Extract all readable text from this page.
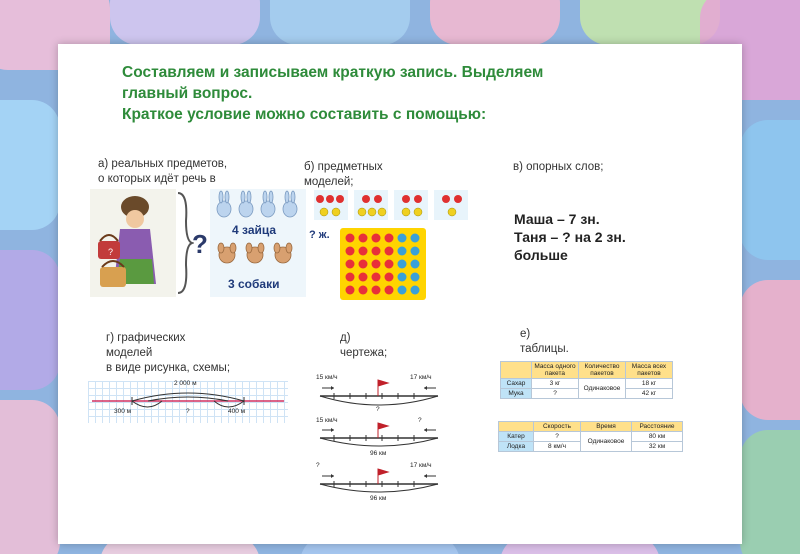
Составляем и записываем краткую запись. Выделяем
главный вопрос.
Краткое условие можно составить с помощью:
а) реальных предметов,
о которых идёт речь в
?	? 4 зайца
3 собаки
? ж.
б) предметных
моделей;
в) опорных слов;
Маша – 7 зн.
Таня – ? на 2 зн.
больше
г) графических
моделей
в виде рисунка, схемы;
2 000 м
300 м	?	400 м
д)
чертежа;
15 км/ч	17 км/ч
?
15 км/ч	?
96 км
?	17 км/ч
96 км
е)
таблицы.
	Масса одного пакета	Количество пакетов	Масса всех пакетов
Сахар	3 кг	Одинаковое	18 кг
Мука	?		42 кг
	Скорость	Время	Расстояние
Катер	?	Одинаковое	80 км
Лодка	8 км/ч		32 км
